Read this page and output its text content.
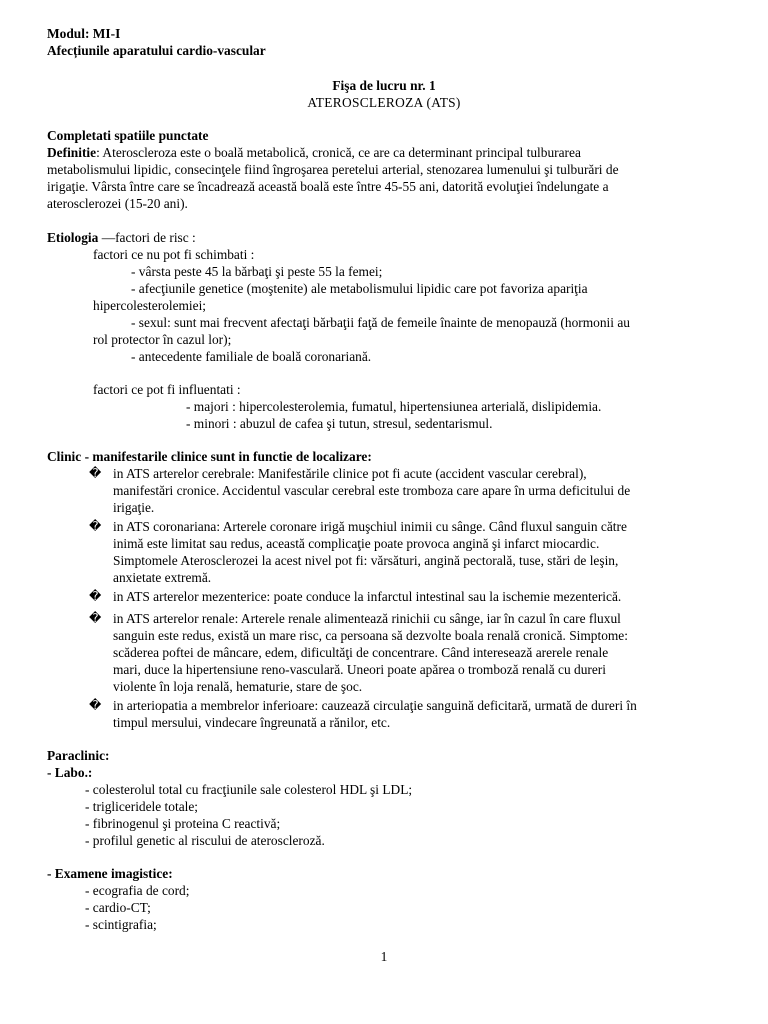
Modul: MI-I
Afecțiunile aparatului cardio-vascular
Fişa de lucru nr. 1
ATEROSCLEROZA (ATS)
Completati spatiile punctate
Definitie: Ateroscleroza este o boală metabolică, cronică, ce are ca determinant principal tulburarea
metabolismului lipidic, consecinţele fiind îngroşarea peretelui arterial, stenozarea lumenului şi tulburări de
irigaţie. Vârsta între care se încadrează această boală este între 45-55 ani, datorită evoluţiei îndelungate a
aterosclerozei (15-20 ani).
Etiologia —factori de risc :
factori ce nu pot fi schimbati :
- vârsta peste 45 la bărbaţi şi peste 55 la femei;
- afecţiunile genetice (moştenite) ale metabolismului lipidic care pot favoriza apariţia
hipercolesterolemiei;
- sexul: sunt mai frecvent afectaţi bărbaţii faţă de femeile înainte de menopauză (hormonii au
rol protector în cazul lor);
- antecedente familiale de boală coronariană.
factori ce pot fi influentati :
- majori : hipercolesterolemia, fumatul, hipertensiunea arterială, dislipidemia.
- minori : abuzul de cafea şi tutun, stresul, sedentarismul.
Clinic - manifestarile clinice sunt in functie de localizare:
� in ATS arterelor cerebrale: Manifestările clinice pot fi acute (accident vascular cerebral),
manifestări cronice. Accidentul vascular cerebral este tromboza care apare în urma deficitului de
irigaţie.
� in ATS coronariana: Arterele coronare irigă muşchiul inimii cu sânge. Când fluxul sanguin către
inimă este limitat sau redus, această complicaţie poate provoca angină şi infarct miocardic.
Simptomele Aterosclerozei la acest nivel pot fi: vărsături, angină pectorală, tuse, stări de leşin,
anxietate extremă.
� in ATS arterelor mezenterice: poate conduce la infarctul intestinal sau la ischemie mezenterică.
� in ATS arterelor renale: Arterele renale alimentează rinichii cu sânge, iar în cazul în care fluxul
sanguin este redus, există un mare risc, ca persoana să dezvolte boala renală cronică. Simptome:
scăderea poftei de mâncare, edem, dificultăţi de concentrare. Când interesează arerele renale
mari, duce la hipertensiune reno-vasculară. Uneori poate apărea o tromboză renală cu dureri
violente în loja renală, hematurie, stare de şoc.
� in arteriopatia a membrelor inferioare: cauzează circulaţie sanguină deficitară, urmată de dureri în
timpul mersului, vindecare îngreunată a rănilor, etc.
Paraclinic:
- Labo.:
- colesterolul total cu fracţiunile sale colesterol HDL şi LDL;
- trigliceridele totale;
- fibrinogenul şi proteina C reactivă;
- profilul genetic al riscului de ateroscleroză.
- Examene imagistice:
- ecografia de cord;
- cardio-CT;
- scintigrafia;
1
